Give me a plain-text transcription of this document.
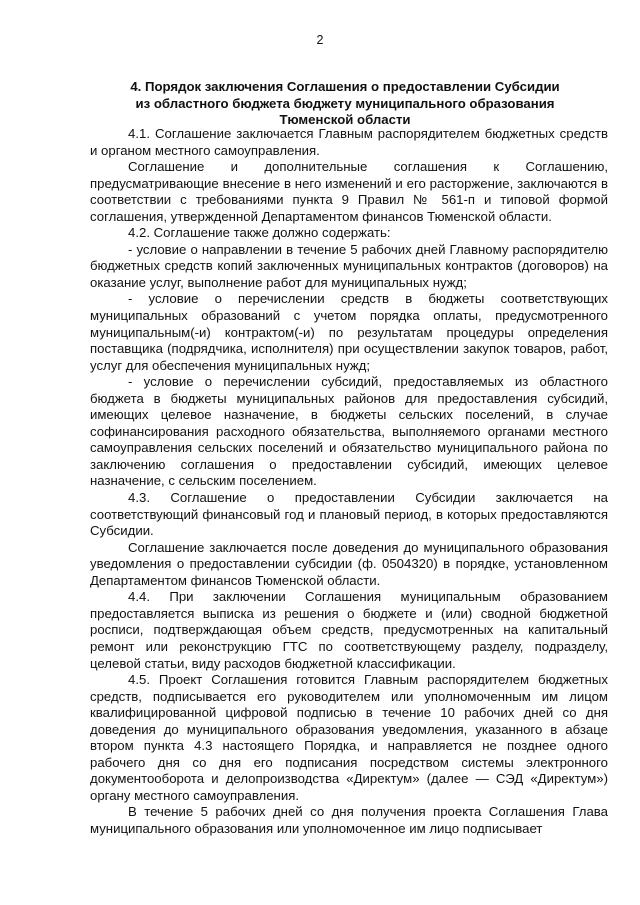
2
4. Порядок заключения Соглашения о предоставлении Субсидии
из областного бюджета бюджету муниципального образования
Тюменской области

4.1. Соглашение заключается Главным распорядителем бюджетных средств и органом местного самоуправления.

Соглашение и дополнительные соглашения к Соглашению, предусматривающие внесение в него изменений и его расторжение, заключаются в соответствии с требованиями пункта 9 Правил № 561-п и типовой формой соглашения, утвержденной Департаментом финансов Тюменской области.

4.2. Соглашение также должно содержать:

- условие о направлении в течение 5 рабочих дней Главному распорядителю бюджетных средств копий заключенных муниципальных контрактов (договоров) на оказание услуг, выполнение работ для муниципальных нужд;

- условие о перечислении средств в бюджеты соответствующих муниципальных образований с учетом порядка оплаты, предусмотренного муниципальным(-и) контрактом(-и) по результатам процедуры определения поставщика (подрядчика, исполнителя) при осуществлении закупок товаров, работ, услуг для обеспечения муниципальных нужд;

- условие о перечислении субсидий, предоставляемых из областного бюджета в бюджеты муниципальных районов для предоставления субсидий, имеющих целевое назначение, в бюджеты сельских поселений, в случае софинансирования расходного обязательства, выполняемого органами местного самоуправления сельских поселений и обязательство муниципального района по заключению соглашения о предоставлении субсидий, имеющих целевое назначение, с сельским поселением.

4.3. Соглашение о предоставлении Субсидии заключается на соответствующий финансовый год и плановый период, в которых предоставляются Субсидии.

Соглашение заключается после доведения до муниципального образования уведомления о предоставлении субсидии (ф. 0504320) в порядке, установленном Департаментом финансов Тюменской области.

4.4. При заключении Соглашения муниципальным образованием предоставляется выписка из решения о бюджете и (или) сводной бюджетной росписи, подтверждающая объем средств, предусмотренных на капитальный ремонт или реконструкцию ГТС по соответствующему разделу, подразделу, целевой статьи, виду расходов бюджетной классификации.

4.5. Проект Соглашения готовится Главным распорядителем бюджетных средств, подписывается его руководителем или уполномоченным им лицом квалифицированной цифровой подписью в течение 10 рабочих дней со дня доведения до муниципального образования уведомления, указанного в абзаце втором пункта 4.3 настоящего Порядка, и направляется не позднее одного рабочего дня со дня его подписания посредством системы электронного документооборота и делопроизводства «Директум» (далее — СЭД «Директум») органу местного самоуправления.

В течение 5 рабочих дней со дня получения проекта Соглашения Глава муниципального образования или уполномоченное им лицо подписывает
